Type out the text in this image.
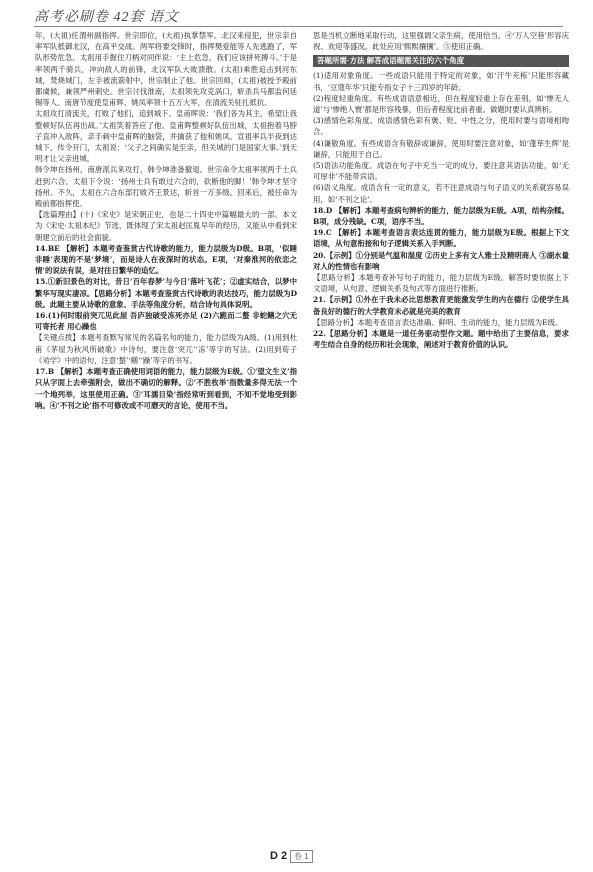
高考必刷卷 42套 语文

年，(大祖)任渭州副指挥。世宗即位，(大祖)执掌禁军。北汉来侵犯，世宗亲自率军队抵御北汉，在高平交战。两军将要交锋时，指挥樊爱能等人先逃跑了，军队形势危急。太祖用手握住刀柄对同伴说：‘主上危急，我们应该拼死搏斗。’于是率领两千骑兵，冲向敌人的前锋，北汉军队大败溃散。(太祖)乘胜追击到河东城，焚烧城门，左手被流箭射中，世宗制止了他。世宗回师，(太祖)被授予殿前都虞候，兼领严州刺史。世宗讨伐淮南，太祖领先攻克涡口，斩杀兵马都监何延锡等人。南唐节度使皇甫晖、姚凤率领十五万大军，在清流关驻扎抵抗。

太祖攻打清流关，打败了他们，追到城下。皇甫晖说：‘我们各为其主，希望让我整顿好队伍再出战。’太祖笑着答应了他。皇甫晖整顿好队伍出城，太祖抱着马脖子直冲入敌阵，亲手刺中皇甫晖的脑袋，并擒获了他和姚凤。宣祖率兵半夜到达城下，传令开门，太祖说：‘父子之间确实是至亲，但关城的门是国家大事。’到天明才让父亲进城。

韩令坤在扬州，南唐派兵来攻打，韩令坤准备撤退。世宗命令太祖率领两千士兵赶到六合。太祖下令说：‘扬州士兵有敢过六合的，砍断他的脚！’韩令坤才坚守扬州。不久，太祖在六合东部打败齐王景达，斩首一万多级。回来后，被任命为殿前都指挥使。

【选篇理由】(十)《宋史》是宋朝正史，也是二十四史中篇幅最大的一部。本文为《宋史·太祖本纪》节选，既体现了宋太祖赵匡胤早年的经历，又能从中看到宋朝建立前后的社会面貌。

14.BE 【解析】本题考查鉴赏古代诗歌的能力，能力层级为D级。B项，‘似睡非睡’表现的不是‘梦境’，而是诗人在夜深时的状态。E项，‘对秦淮河的依恋之情’的说法有误，是对往日繁华的追忆。

15.①新旧景色的对比，昔日‘百年春梦’与今日‘落叶飞花’；②虚实结合，以梦中繁华写现实凄凉。【思路分析】本题考查鉴赏古代诗歌的表达技巧，能力层级为D级。此题主要从诗歌的意象、手法等角度分析，结合诗句具体说明。

16.(1)何时眼前突兀见此屋 吾庐独破受冻死亦足 (2)六跪而二螯 非蛇鳝之穴无可寄托者 用心躁也

【关键点拨】本题考查默写常见的名篇名句的能力，能力层级为A级。(1)用到杜甫《茅屋为秋风所破歌》中诗句，要注意‘突兀’‘冻’等字的写法。(2)用到荀子《劝学》中的语句，注意‘螯’‘鳝’‘躁’等字的书写。

17.B 【解析】本题考查正确使用词语的能力，能力层级为E级。①‘望文生义’指只从字面上去牵强附会，做出不确切的解释。②‘不胜枚举’指数量多得无法一个一个地列举，这里使用正确。③‘耳濡目染’指经常听到看到，不知不觉地受到影响。④‘不刊之论’指不可修改或不可磨灭的言论，使用不当。

思是当机立断地采取行动，这里强调父亲生病，使用恰当。④‘万人空巷’形容庆祝、欢迎等盛况。此处应用‘熙熙攘攘’。⑤使用正确。

答题所需·方法 解答成语题需关注的六个角度

(1)适用对象角度。一些成语只能用于特定的对象，如‘汗牛充栋’只能形容藏书，‘豆蔻年华’只能专指女子十三四岁的年龄。

(2)程度轻重角度。有些成语语意相近，但在程度轻重上存在差别，如‘惨无人道’与‘惨绝人寰’都是形容残暴，但后者程度比前者重。做题时要认真辨析。

(3)感情色彩角度。成语感情色彩有褒、贬、中性之分，使用时要与语境相吻合。

(4)谦敬角度。有些成语含有敬辞或谦辞，使用时要注意对象，如‘蓬荜生辉’是谦辞，只能用于自己。

(5)语法功能角度。成语在句子中充当一定的成分，要注意其语法功能，如‘无可厚非’不能带宾语。

(6)语义角度。成语含有一定的意义，若不注意成语与句子语义的关系就容易误用，如‘不刊之论’。

18.D 【解析】本题考查病句辨析的能力，能力层级为E级。A项，结构杂糅。B项，成分残缺。C项，语序不当。

19.C 【解析】本题考查语言表达连贯的能力，能力层级为E级。根据上下文语境，从句意衔接和句子逻辑关系入手判断。

20.【示例】①分别是气温和湿度 ②历史上多有文人雅士及精明商人 ③湖水量对人的性情也有影响

【思路分析】本题考查补写句子的能力，能力层级为E级。解答时要依据上下文语境，从句意、逻辑关系及句式等方面进行推断。

21.【示例】①外在于我未必比思想教育更能激发学生的内在德行 ②使学生具备良好的德行的大学教育未必就是完美的教育

【思路分析】本题考查语言表达准确、鲜明、生动的能力，能力层级为E级。

22.【思路分析】本题是一道任务驱动型作文题。题中给出了主要信息，要求考生结合自身的经历和社会现象，阐述对于教育价值的认识。

D 2 卷 1
